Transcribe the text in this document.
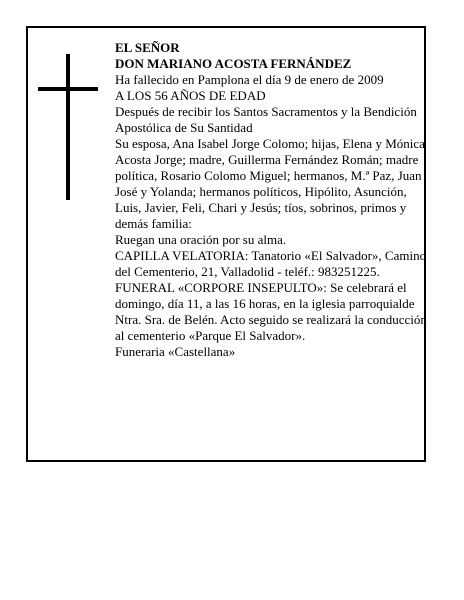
EL SEÑOR

DON MARIANO ACOSTA FERNÁNDEZ

Ha fallecido en Pamplona el día 9 de enero de 2009

A LOS 56 AÑOS DE EDAD

Después de recibir los Santos Sacramentos y la Bendición Apostólica de Su Santidad

Su esposa, Ana Isabel Jorge Colomo; hijas, Elena y Mónica Acosta Jorge; madre, Guillerma Fernández Román; madre política, Rosario Colomo Miguel; hermanos, M.ª Paz, Juan José y Yolanda; hermanos políticos, Hipólito, Asunción, Luis, Javier, Feli, Chari y Jesús; tíos, sobrinos, primos y demás familia:

Ruegan una oración por su alma.

CAPILLA VELATORIA: Tanatorio «El Salvador», Camino del Cementerio, 21, Valladolid - teléf.: 983251225.

FUNERAL «CORPORE INSEPULTO»: Se celebrará el domingo, día 11, a las 16 horas, en la iglesia parroquialde Ntra. Sra. de Belén. Acto seguido se realizará la conducción al cementerio «Parque El Salvador».

Funeraria «Castellana»
